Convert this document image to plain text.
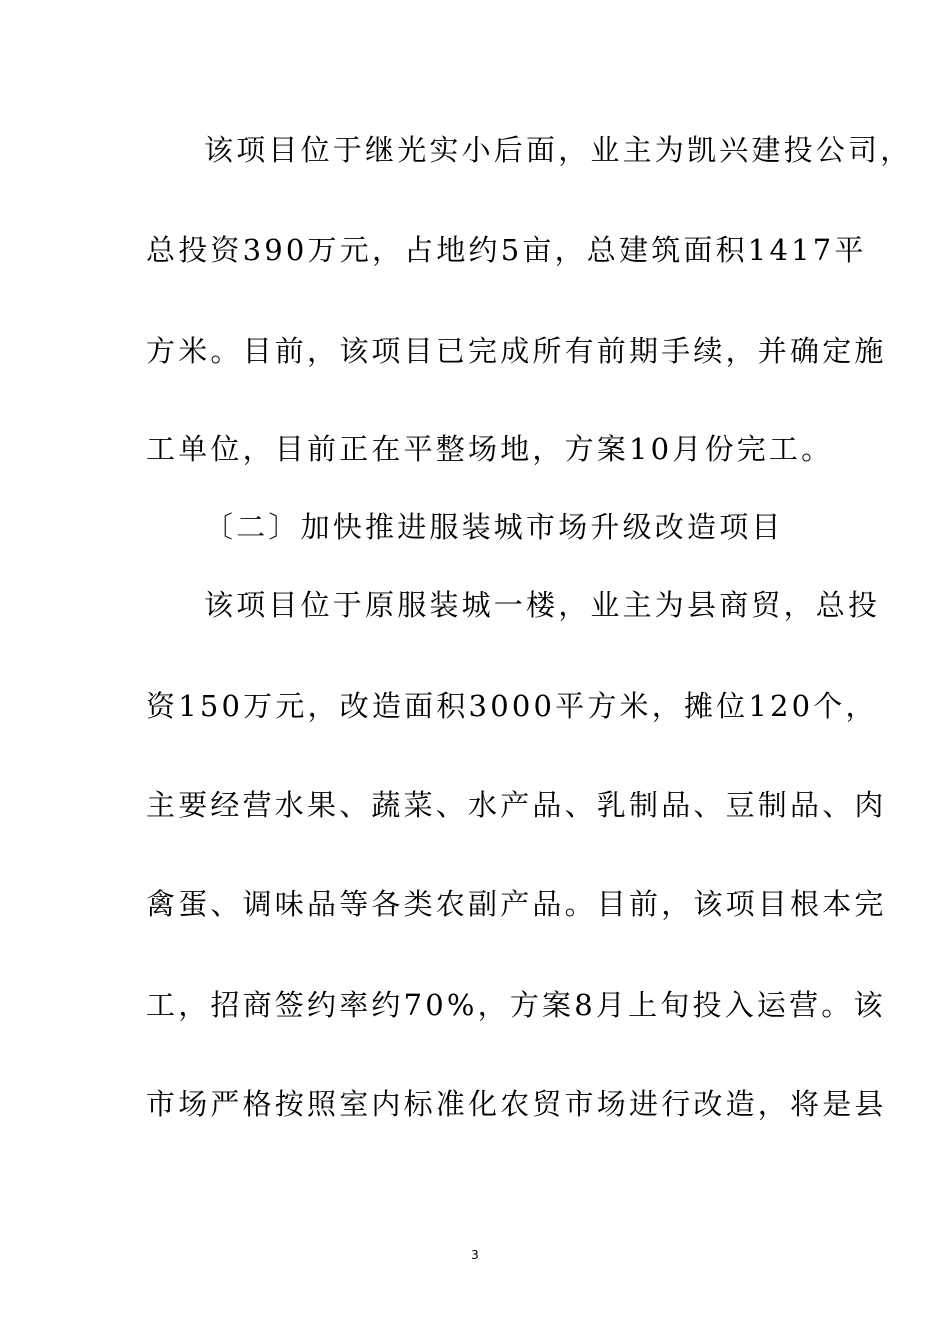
该项目位于继光实小后面，业主为凯兴建投公司，
总投资390万元，占地约5亩，总建筑面积1417平
方米。目前，该项目已完成所有前期手续，并确定施
工单位，目前正在平整场地，方案10月份完工。
〔二〕加快推进服装城市场升级改造项目
该项目位于原服装城一楼，业主为县商贸，总投
资150万元，改造面积3000平方米，摊位120个，
主要经营水果、蔬菜、水产品、乳制品、豆制品、肉
禽蛋、调味品等各类农副产品。目前，该项目根本完
工，招商签约率约70%，方案8月上旬投入运营。该
市场严格按照室内标准化农贸市场进行改造，将是县
3
